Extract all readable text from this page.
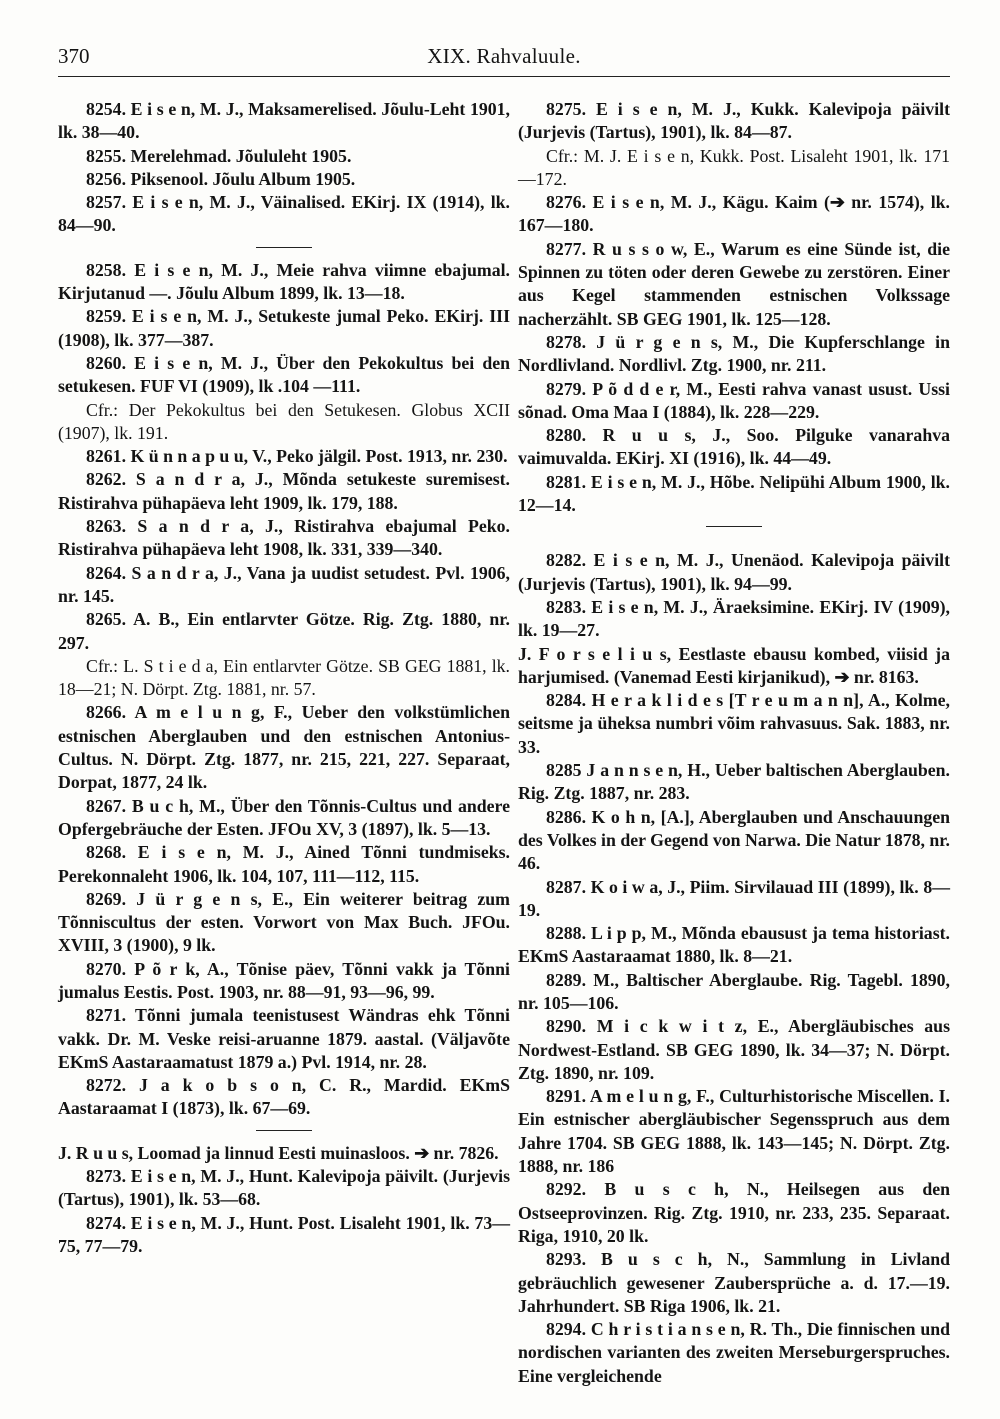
370	XIX. Rahvaluule.

8254. E i s e n, M. J., Maksamerelised. Jõulu-Leht 1901, lk. 38—40.

8255. Merelehmad. Jõululeht 1905.

8256. Piksenool. Jõulu Album 1905.

8257. E i s e n, M. J., Väinalised. EKirj. IX (1914), lk. 84—90.

8258. E i s e n, M. J., Meie rahva viimne ebajumal. Kirjutanud —. Jõulu Album 1899, lk. 13—18.

8259. E i s e n, M. J., Setukeste jumal Peko. EKirj. III (1908), lk. 377—387.

8260. E i s e n, M. J., Über den Pekokultus bei den setukesen. FUF VI (1909), lk .104 —111.

Cfr.: Der Pekokultus bei den Setukesen. Globus XCII (1907), lk. 191.

8261. K ü n n a p u u, V., Peko jälgil. Post. 1913, nr. 230.

8262. S a n d r a, J., Mõnda setukeste suremisest. Ristirahva pühapäeva leht 1909, lk. 179, 188.

8263. S a n d r a, J., Ristirahva ebajumal Peko. Ristirahva pühapäeva leht 1908, lk. 331, 339—340.

8264. S a n d r a, J., Vana ja uudist setudest. Pvl. 1906, nr. 145.

8265. A. B., Ein entlarvter Götze. Rig. Ztg. 1880, nr. 297.

Cfr.: L. S t i e d a, Ein entlarvter Götze. SB GEG 1881, lk. 18—21; N. Dörpt. Ztg. 1881, nr. 57.

8266. A m e l u n g, F., Ueber den volkstümlichen estnischen Aberglauben und den estnischen Antonius-Cultus. N. Dörpt. Ztg. 1877, nr. 215, 221, 227. Separaat, Dorpat, 1877, 24 lk.

8267. B u c h, M., Über den Tõnnis-Cultus und andere Opfergebräuche der Esten. JFOu XV, 3 (1897), lk. 5—13.

8268. E i s e n, M. J., Ained Tõnni tundmiseks. Perekonnaleht 1906, lk. 104, 107, 111—112, 115.

8269. J ü r g e n s, E., Ein weiterer beitrag zum Tõnniscultus der esten. Vorwort von Max Buch. JFOu. XVIII, 3 (1900), 9 lk.

8270. P õ r k, A., Tõnise päev, Tõnni vakk ja Tõnni jumalus Eestis. Post. 1903, nr. 88—91, 93—96, 99.

8271. Tõnni jumala teenistusest Wändras ehk Tõnni vakk. Dr. M. Veske reisi-aruanne 1879. aastal. (Väljavõte EKmS Aastaraamatust 1879 a.) Pvl. 1914, nr. 28.

8272. J a k o b s o n, C. R., Mardid. EKmS Aastaraamat I (1873), lk. 67—69.

J. R u u s, Loomad ja linnud Eesti muinasloos. ➔ nr. 7826.

8273. E i s e n, M. J., Hunt. Kalevipoja päivilt. (Jurjevis (Tartus), 1901), lk. 53—68.

8274. E i s e n, M. J., Hunt. Post. Lisaleht 1901, lk. 73—75, 77—79.

8275. E i s e n, M. J., Kukk. Kalevipoja päivilt (Jurjevis (Tartus), 1901), lk. 84—87.

Cfr.: M. J. E i s e n, Kukk. Post. Lisaleht 1901, lk. 171—172.

8276. E i s e n, M. J., Kägu. Kaim (➔ nr. 1574), lk. 167—180.

8277. R u s s o w, E., Warum es eine Sünde ist, die Spinnen zu töten oder deren Gewebe zu zerstören. Einer aus Kegel stammenden estnischen Volkssage nacherzählt. SB GEG 1901, lk. 125—128.

8278. J ü r g e n s, M., Die Kupferschlange in Nordlivland. Nordlivl. Ztg. 1900, nr. 211.

8279. P õ d d e r, M., Eesti rahva vanast usust. Ussi sõnad. Oma Maa I (1884), lk. 228—229.

8280. R u u s, J., Soo. Pilguke vanarahva vaimuvalda. EKirj. XI (1916), lk. 44—49.

8281. E i s e n, M. J., Hõbe. Nelipühi Album 1900, lk. 12—14.

8282. E i s e n, M. J., Unenäod. Kalevipoja päivilt (Jurjevis (Tartus), 1901), lk. 94—99.

8283. E i s e n, M. J., Äraeksimine. EKirj. IV (1909), lk. 19—27.

J. F o r s e l i u s, Eestlaste ebausu kombed, viisid ja harjumised. (Vanemad Eesti kirjanikud), ➔ nr. 8163.

8284. H e r a k l i d e s [T r e u m a n n], A., Kolme, seitsme ja üheksa numbri võim rahvasuus. Sak. 1883, nr. 33.

8285 J a n n s e n, H., Ueber baltischen Aberglauben. Rig. Ztg. 1887, nr. 283.

8286. K o h n, [A.], Aberglauben und Anschauungen des Volkes in der Gegend von Narwa. Die Natur 1878, nr. 46.

8287. K o i w a, J., Piim. Sirvilauad III (1899), lk. 8—19.

8288. L i p p, M., Mõnda ebausust ja tema historiast. EKmS Aastaraamat 1880, lk. 8—21.

8289. M., Baltischer Aberglaube. Rig. Tagebl. 1890, nr. 105—106.

8290. M i c k w i t z, E., Abergläubisches aus Nordwest-Estland. SB GEG 1890, lk. 34—37; N. Dörpt. Ztg. 1890, nr. 109.

8291. A m e l u n g, F., Culturhistorische Miscellen. I. Ein estnischer abergläubischer Segensspruch aus dem Jahre 1704. SB GEG 1888, lk. 143—145; N. Dörpt. Ztg. 1888, nr. 186

8292. B u s c h, N., Heilsegen aus den Ostseeprovinzen. Rig. Ztg. 1910, nr. 233, 235. Separaat. Riga, 1910, 20 lk.

8293. B u s c h, N., Sammlung in Livland gebräuchlich gewesener Zaubersprüche a. d. 17.—19. Jahrhundert. SB Riga 1906, lk. 21.

8294. C h r i s t i a n s e n, R. Th., Die finnischen und nordischen varianten des zweiten Merseburgerspruches. Eine vergleichende
